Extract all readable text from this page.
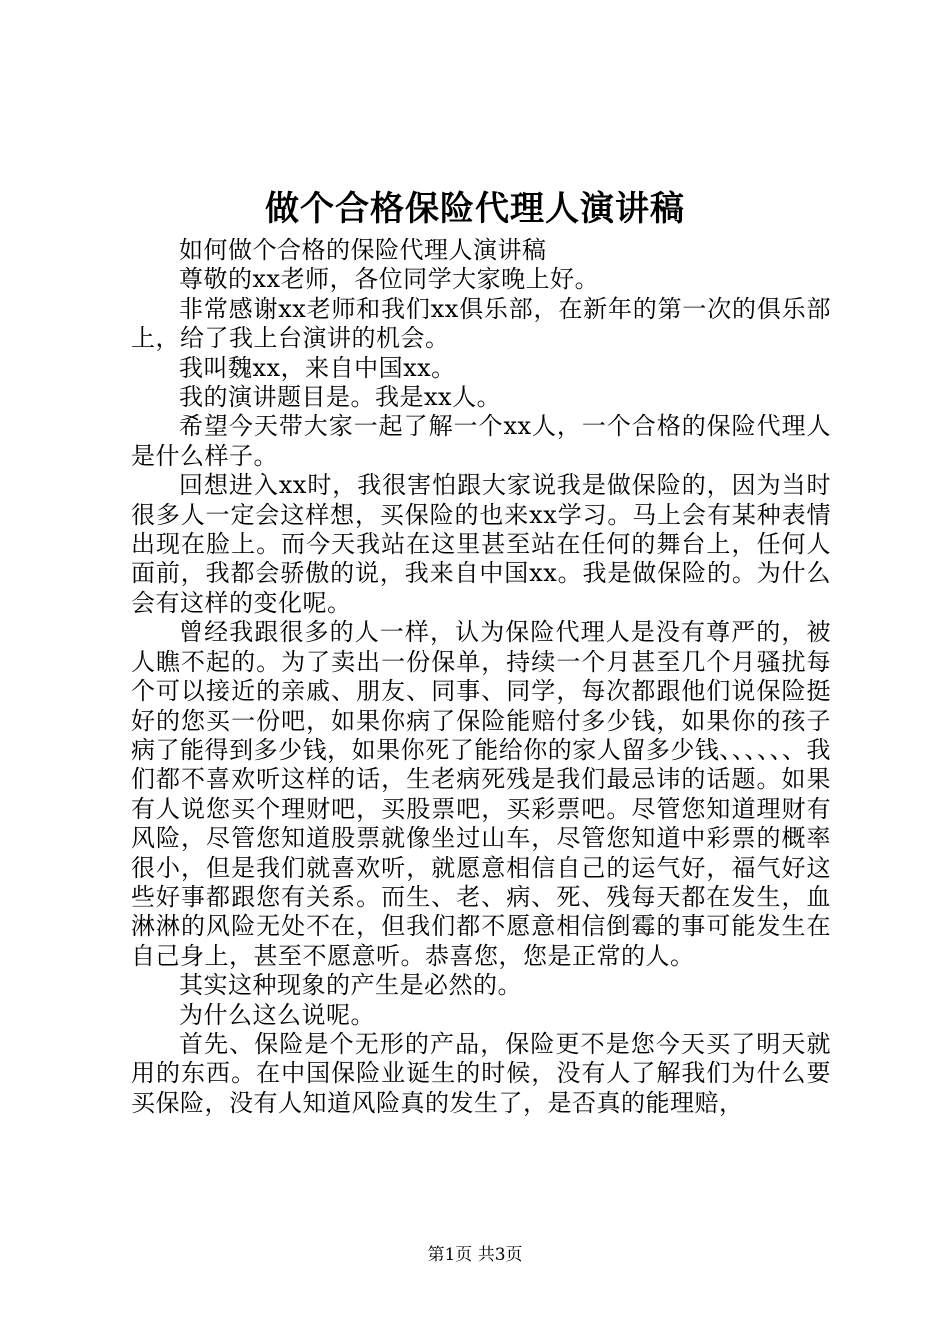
做个合格保险代理人演讲稿

如何做个合格的保险代理人演讲稿

尊敬的xx老师，各位同学大家晚上好。

非常感谢xx老师和我们xx俱乐部，在新年的第一次的俱乐部上，给了我上台演讲的机会。

我叫魏xx，来自中国xx。

我的演讲题目是。我是xx人。

希望今天带大家一起了解一个xx人，一个合格的保险代理人是什么样子。

回想进入xx时，我很害怕跟大家说我是做保险的，因为当时很多人一定会这样想，买保险的也来xx学习。马上会有某种表情出现在脸上。而今天我站在这里甚至站在任何的舞台上，任何人面前，我都会骄傲的说，我来自中国xx。我是做保险的。为什么会有这样的变化呢。

曾经我跟很多的人一样，认为保险代理人是没有尊严的，被人瞧不起的。为了卖出一份保单，持续一个月甚至几个月骚扰每个可以接近的亲戚、朋友、同事、同学，每次都跟他们说保险挺好的您买一份吧，如果你病了保险能赔付多少钱，如果你的孩子病了能得到多少钱，如果你死了能给你的家人留多少钱、、、、、、我们都不喜欢听这样的话，生老病死残是我们最忌讳的话题。如果有人说您买个理财吧，买股票吧，买彩票吧。尽管您知道理财有风险，尽管您知道股票就像坐过山车，尽管您知道中彩票的概率很小，但是我们就喜欢听，就愿意相信自己的运气好，福气好这些好事都跟您有关系。而生、老、病、死、残每天都在发生，血淋淋的风险无处不在，但我们都不愿意相信倒霉的事可能发生在自己身上，甚至不愿意听。恭喜您，您是正常的人。

其实这种现象的产生是必然的。

为什么这么说呢。

首先、保险是个无形的产品，保险更不是您今天买了明天就用的东西。在中国保险业诞生的时候，没有人了解我们为什么要买保险，没有人知道风险真的发生了，是否真的能理赔，

第1页 共3页
